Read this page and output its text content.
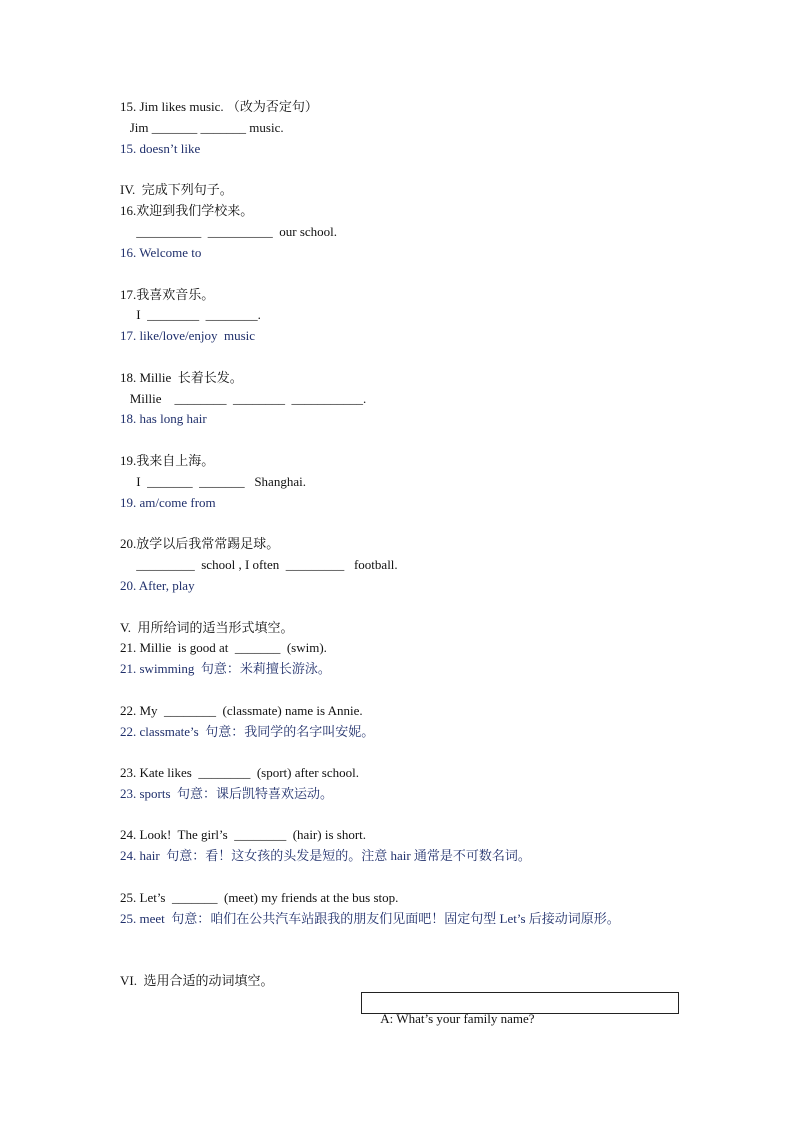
15. Jim likes music. （改为否定句）
Jim _______ _______ music.
15. doesn’t like
IV.  完成下列句子。
16.欢迎到我们学校来。
__________  __________  our school.
16. Welcome to
17.我喜欢音乐。
I  ________  ________.
17. like/love/enjoy  music
18. Millie  长着长发。
Millie    ________  ________  ___________.
18. has long hair
19.我来自上海。
I  _______  _______   Shanghai.
19. am/come from
20.放学以后我常常踢足球。
_________  school , I often  _________   football.
20. After, play
V.  用所给词的适当形式填空。
21. Millie  is good at  _______  (swim).
21. swimming  句意：米莉擅长游泳。
22. My  ________  (classmate) name is Annie.
22. classmate’s  句意：我同学的名字叫安妮。
23. Kate likes  ________  (sport) after school.
23. sports  句意：课后凯特喜欢运动。
24. Look!  The girl’s  ________  (hair) is short.
24. hair  句意：看！这女孩的头发是短的。注意 hair 通常是不可数名词。
25. Let’s  _______  (meet) my friends at the bus stop.
25. meet  句意：咱们在公共汽车站跟我的朋友们见面吧！固定句型 Let’s 后接动词原形。
VI.  选用合适的动词填空。

A: What’s your family name?
